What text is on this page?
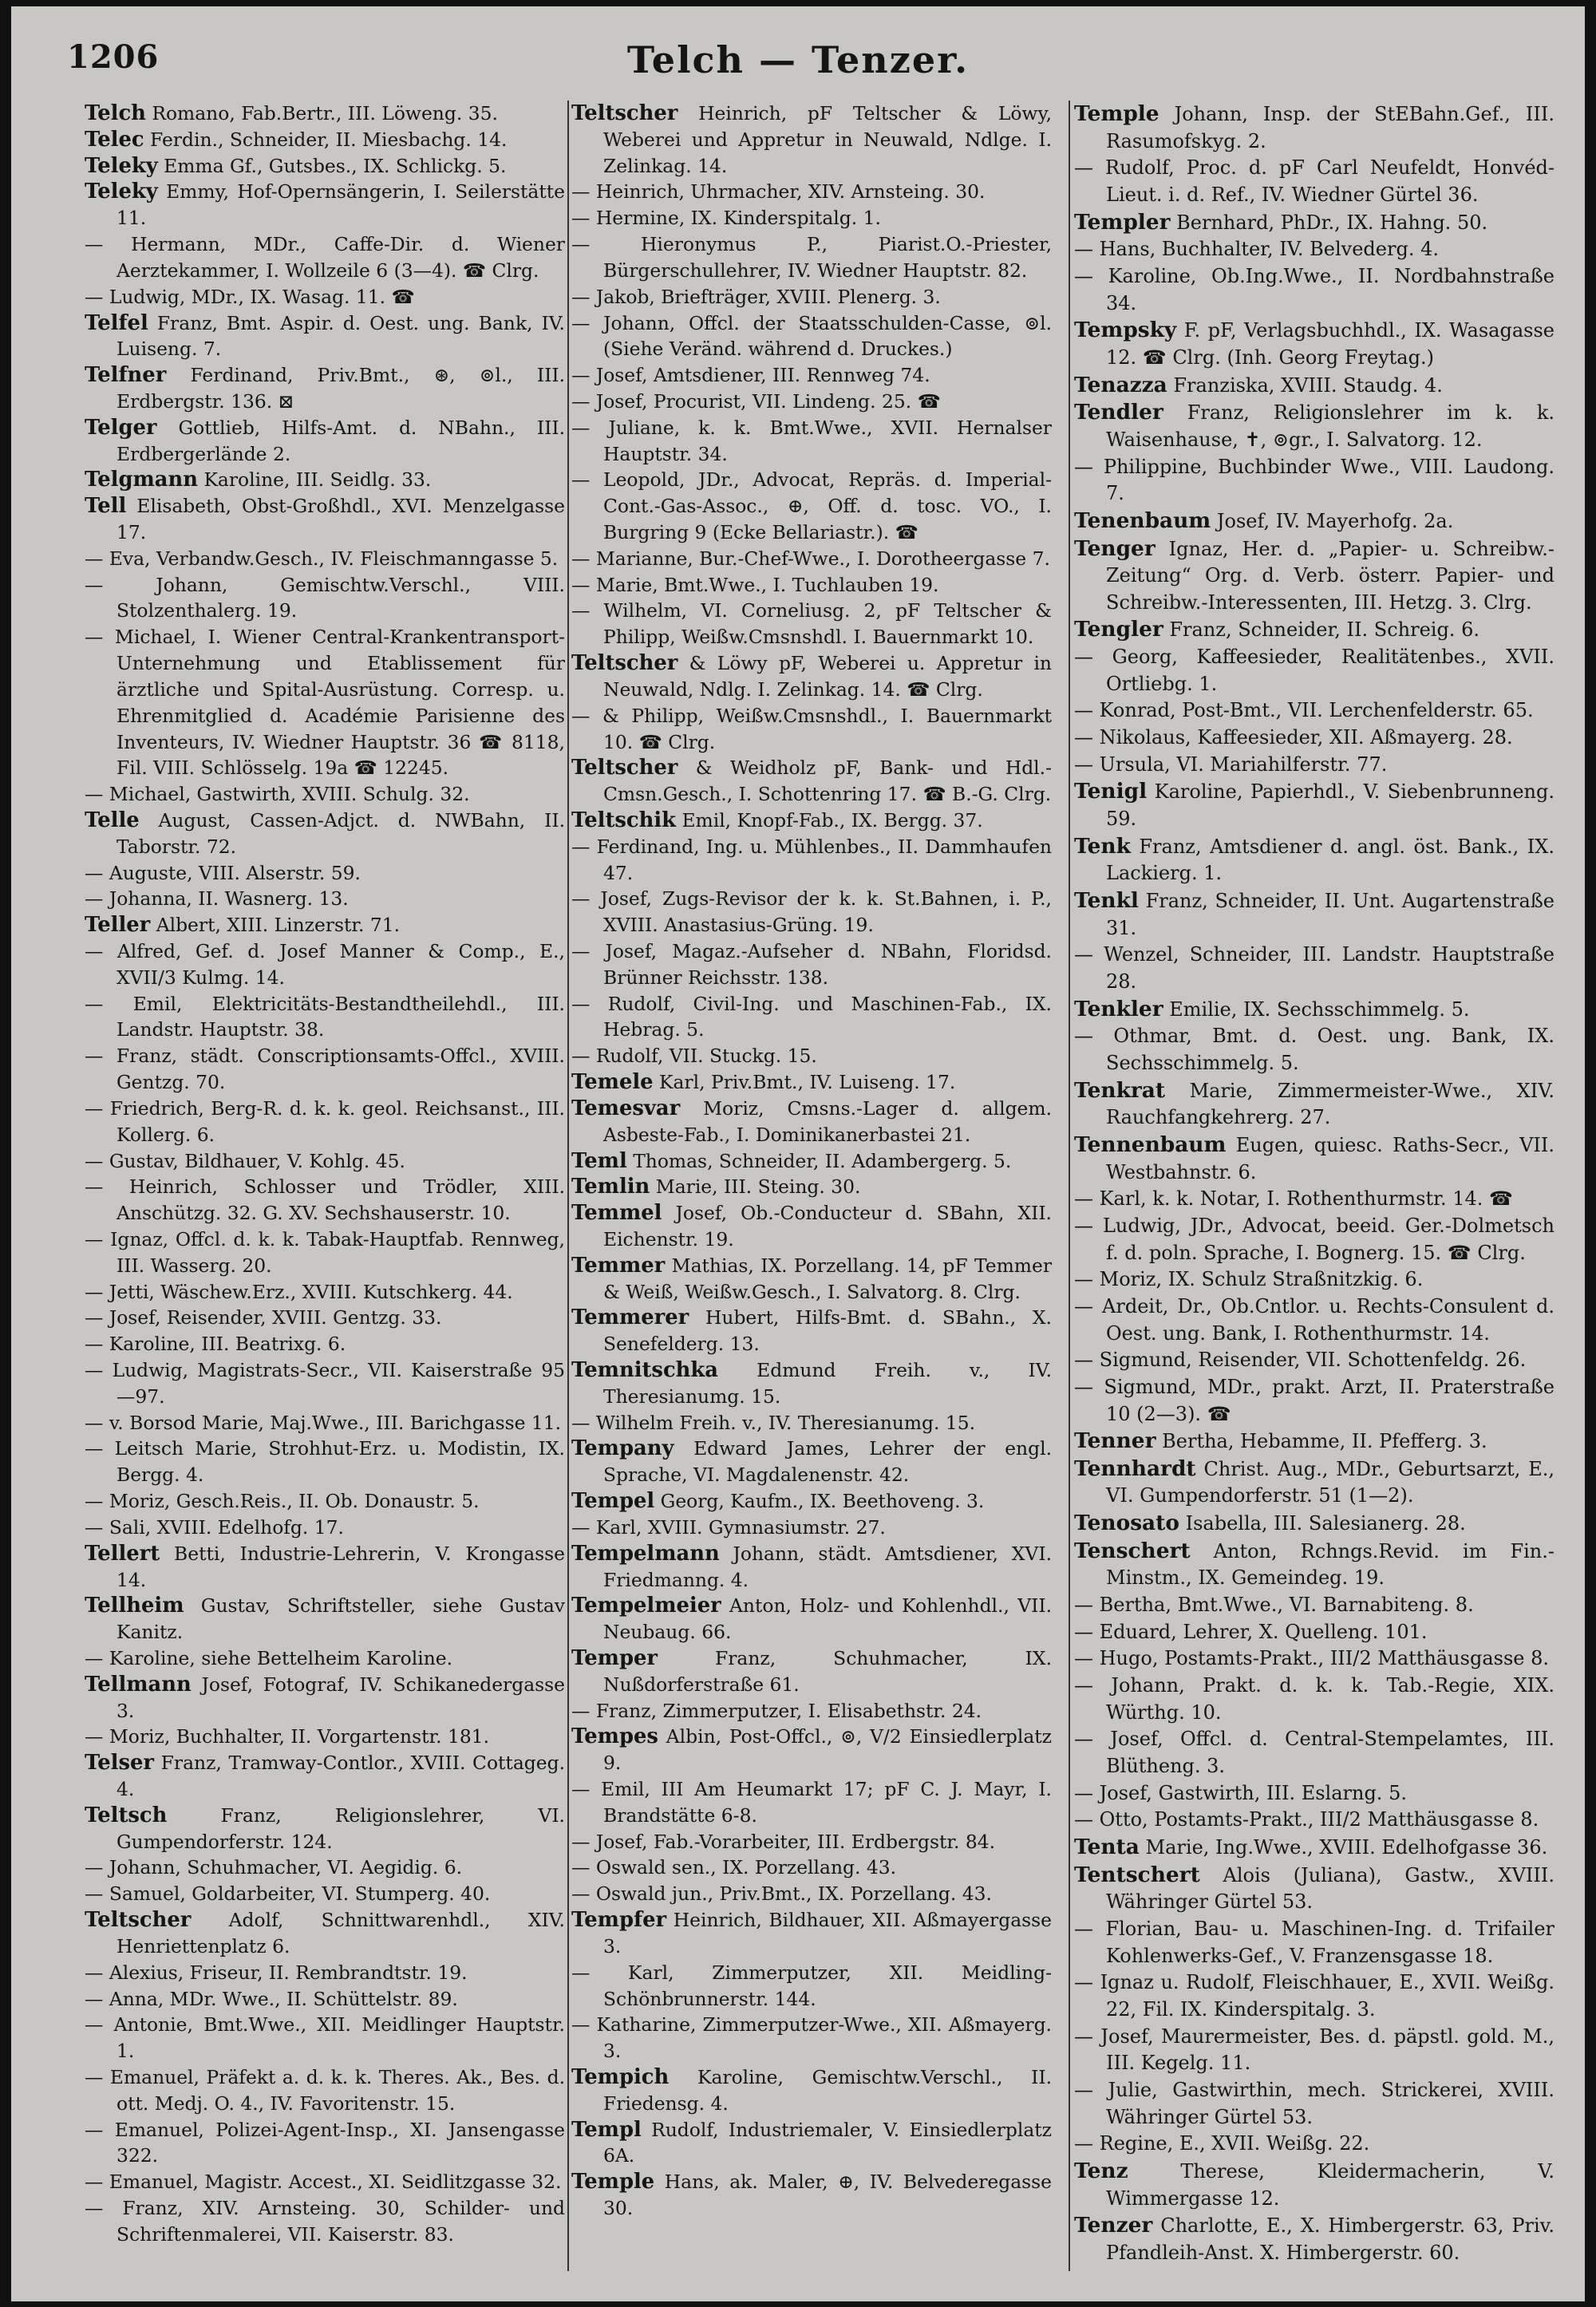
1206	Telch — Tenzer.

Telch Romano, Fab.Bertr., III. Löweng. 35.

Telec Ferdin., Schneider, II. Miesbachg. 14.

Teleky Emma Gf., Gutsbes., IX. Schlickg. 5.

Teleky Emmy, Hof-Opernsängerin, I. Seilerstätte 11.

— Hermann, MDr., Caffe-Dir. d. Wiener Aerztekammer, I. Wollzeile 6 (3—4). ☎ Clrg.

— Ludwig, MDr., IX. Wasag. 11. ☎

Telfel Franz, Bmt. Aspir. d. Oest. ung. Bank, IV. Luiseng. 7.

Telfner Ferdinand, Priv.Bmt., ⊛, ⊚l., III. Erdbergstr. 136. ⊠

Telger Gottlieb, Hilfs-Amt. d. NBahn., III. Erdbergerlände 2.

Telgmann Karoline, III. Seidlg. 33.

Tell Elisabeth, Obst-Großhdl., XVI. Menzelgasse 17.

— Eva, Verbandw.Gesch., IV. Fleischmanngasse 5.

— Johann, Gemischtw.Verschl., VIII. Stolzenthalerg. 19.

— Michael, I. Wiener Central-Krankentransport-Unternehmung und Etablissement für ärztliche und Spital-Ausrüstung. Corresp. u. Ehrenmitglied d. Académie Parisienne des Inventeurs, IV. Wiedner Hauptstr. 36 ☎ 8118, Fil. VIII. Schlösselg. 19a ☎ 12245.

— Michael, Gastwirth, XVIII. Schulg. 32.

Telle August, Cassen-Adjct. d. NWBahn, II. Taborstr. 72.

— Auguste, VIII. Alserstr. 59.

— Johanna, II. Wasnerg. 13.

Teller Albert, XIII. Linzerstr. 71.

— Alfred, Gef. d. Josef Manner & Comp., E., XVII/3 Kulmg. 14.

— Emil, Elektricitäts-Bestandtheilehdl., III. Landstr. Hauptstr. 38.

— Franz, städt. Conscriptionsamts-Offcl., XVIII. Gentzg. 70.

— Friedrich, Berg-R. d. k. k. geol. Reichsanst., III. Kollerg. 6.

— Gustav, Bildhauer, V. Kohlg. 45.

— Heinrich, Schlosser und Trödler, XIII. Anschützg. 32. G. XV. Sechshauserstr. 10.

— Ignaz, Offcl. d. k. k. Tabak-Hauptfab. Rennweg, III. Wasserg. 20.

— Jetti, Wäschew.Erz., XVIII. Kutschkerg. 44.

— Josef, Reisender, XVIII. Gentzg. 33.

— Karoline, III. Beatrixg. 6.

— Ludwig, Magistrats-Secr., VII. Kaiserstraße 95—97.

— v. Borsod Marie, Maj.Wwe., III. Barichgasse 11.

— Leitsch Marie, Strohhut-Erz. u. Modistin, IX. Bergg. 4.

— Moriz, Gesch.Reis., II. Ob. Donaustr. 5.

— Sali, XVIII. Edelhofg. 17.

Tellert Betti, Industrie-Lehrerin, V. Krongasse 14.

Tellheim Gustav, Schriftsteller, siehe Gustav Kanitz.

— Karoline, siehe Bettelheim Karoline.

Tellmann Josef, Fotograf, IV. Schikanedergasse 3.

— Moriz, Buchhalter, II. Vorgartenstr. 181.

Telser Franz, Tramway-Contlor., XVIII. Cottageg. 4.

Teltsch	Franz, Religionslehrer, VI. Gumpendorferstr. 124.

— Johann, Schuhmacher, VI. Aegidig. 6.

— Samuel, Goldarbeiter, VI. Stumperg. 40.

Teltscher Adolf, Schnittwarenhdl., XIV. Henriettenplatz 6.

— Alexius, Friseur, II. Rembrandtstr. 19.

— Anna, MDr. Wwe., II. Schüttelstr. 89.

— Antonie, Bmt.Wwe., XII. Meidlinger Hauptstr. 1.

— Emanuel, Präfekt a. d. k. k. Theres. Ak., Bes. d. ott. Medj. O. 4., IV. Favoritenstr. 15.

— Emanuel, Polizei-Agent-Insp., XI. Jansengasse 322.

— Emanuel, Magistr. Accest., XI. Seidlitzgasse 32.

— Franz, XIV. Arnsteing. 30, Schilder- und Schriftenmalerei, VII. Kaiserstr. 83.

Teltscher Heinrich, pF Teltscher & Löwy, Weberei und Appretur in Neuwald, Ndlge. I. Zelinkag. 14.

— Heinrich, Uhrmacher, XIV. Arnsteing. 30.

— Hermine, IX. Kinderspitalg. 1.

— Hieronymus P., Piarist.O.-Priester, Bürgerschullehrer, IV. Wiedner Hauptstr. 82.

— Jakob, Briefträger, XVIII. Plenerg. 3.

— Johann, Offcl. der Staatsschulden-Casse, ⊚l. (Siehe Veränd. während d. Druckes.)

— Josef, Amtsdiener, III. Rennweg 74.

— Josef, Procurist, VII. Lindeng. 25. ☎

— Juliane, k. k. Bmt.Wwe., XVII. Hernalser Hauptstr. 34.

— Leopold, JDr., Advocat, Repräs. d. Imperial-Cont.-Gas-Assoc., ⊕, Off. d. tosc. VO., I. Burgring 9 (Ecke Bellariastr.). ☎

— Marianne, Bur.-Chef-Wwe., I. Dorotheergasse 7.

— Marie, Bmt.Wwe., I. Tuchlauben 19.

— Wilhelm, VI. Corneliusg. 2, pF Teltscher & Philipp, Weißw.Cmsnshdl. I. Bauernmarkt 10.

Teltscher & Löwy pF, Weberei u. Appretur in Neuwald, Ndlg. I. Zelinkag. 14. ☎ Clrg.

— & Philipp, Weißw.Cmsnshdl., I. Bauernmarkt 10. ☎ Clrg.

Teltscher & Weidholz pF, Bank- und Hdl.-Cmsn.Gesch., I. Schottenring 17. ☎ B.-G. Clrg.

Teltschik Emil, Knopf-Fab., IX. Bergg. 37.

— Ferdinand, Ing. u. Mühlenbes., II. Dammhaufen 47.

— Josef, Zugs-Revisor der k. k. St.Bahnen, i. P., XVIII. Anastasius-Grüng. 19.

— Josef, Magaz.-Aufseher d. NBahn, Floridsd. Brünner Reichsstr. 138.

— Rudolf, Civil-Ing. und Maschinen-Fab., IX. Hebrag. 5.

— Rudolf, VII. Stuckg. 15.

Temele Karl, Priv.Bmt., IV. Luiseng. 17.

Temesvar Moriz, Cmsns.-Lager d. allgem. Asbeste-Fab., I. Dominikanerbastei 21.

Teml Thomas, Schneider, II. Adambergerg. 5.

Temlin Marie, III. Steing. 30.

Temmel Josef, Ob.-Conducteur d. SBahn, XII. Eichenstr. 19.

Temmer Mathias, IX. Porzellang. 14, pF Temmer & Weiß, Weißw.Gesch., I. Salvatorg. 8. Clrg.

Temmerer Hubert, Hilfs-Bmt. d. SBahn., X. Senefelderg. 13.

Temnitschka Edmund Freih. v., IV. Theresianumg. 15.

— Wilhelm Freih. v., IV. Theresianumg. 15.

Tempany Edward James, Lehrer der engl. Sprache, VI. Magdalenenstr. 42.

Tempel Georg, Kaufm., IX. Beethoveng. 3.

— Karl, XVIII. Gymnasiumstr. 27.

Tempelmann Johann, städt. Amtsdiener, XVI. Friedmanng. 4.

Tempelmeier Anton, Holz- und Kohlenhdl., VII. Neubaug. 66.

Temper	Franz, Schuhmacher, IX. Nußdorferstraße 61.

— Franz, Zimmerputzer, I. Elisabethstr. 24.

Tempes Albin, Post-Offcl., ⊚, V/2 Einsiedlerplatz 9.

— Emil, III Am Heumarkt 17; pF C. J. Mayr, I. Brandstätte 6-8.

— Josef, Fab.-Vorarbeiter, III. Erdbergstr. 84.

— Oswald sen., IX. Porzellang. 43.

— Oswald jun., Priv.Bmt., IX. Porzellang. 43.

Tempfer Heinrich, Bildhauer, XII. Aßmayergasse 3.

— Karl, Zimmerputzer, XII. Meidling-Schönbrunnerstr. 144.

— Katharine, Zimmerputzer-Wwe., XII. Aßmayerg. 3.

Tempich Karoline, Gemischtw.Verschl., II. Friedensg. 4.

Templ Rudolf, Industriemaler, V. Einsiedlerplatz 6A.

Temple Hans, ak. Maler, ⊕, IV. Belvederegasse 30.

Temple Johann, Insp. der StEBahn.Gef., III. Rasumofskyg. 2.

— Rudolf, Proc. d. pF Carl Neufeldt, Honvéd-Lieut. i. d. Ref., IV. Wiedner Gürtel 36.

Templer Bernhard, PhDr., IX. Hahng. 50.

— Hans, Buchhalter, IV. Belvederg. 4.

— Karoline, Ob.Ing.Wwe., II. Nordbahnstraße 34.

Tempsky F. pF, Verlagsbuchhdl., IX. Wasagasse 12. ☎ Clrg. (Inh. Georg Freytag.)

Tenazza Franziska, XVIII. Staudg. 4.

Tendler Franz, Religionslehrer im k. k. Waisenhause, ✝, ⊚gr., I. Salvatorg. 12.

— Philippine, Buchbinder Wwe., VIII. Laudong. 7.

Tenenbaum Josef, IV. Mayerhofg. 2a.

Tenger Ignaz, Her. d. „Papier- u. Schreibw.-Zeitung“ Org. d. Verb. österr. Papier- und Schreibw.-Interessenten, III. Hetzg. 3. Clrg.

Tengler Franz, Schneider, II. Schreig. 6.

— Georg, Kaffeesieder, Realitätenbes., XVII. Ortliebg. 1.

— Konrad, Post-Bmt., VII. Lerchenfelderstr. 65.

— Nikolaus, Kaffeesieder, XII. Aßmayerg. 28.

— Ursula, VI. Mariahilferstr. 77.

Tenigl Karoline, Papierhdl., V. Siebenbrunneng. 59.

Tenk Franz, Amtsdiener d. angl. öst. Bank., IX. Lackierg. 1.

Tenkl Franz, Schneider, II. Unt. Augartenstraße 31.

— Wenzel, Schneider, III. Landstr. Hauptstraße 28.

Tenkler Emilie, IX. Sechsschimmelg. 5.

— Othmar, Bmt. d. Oest. ung. Bank, IX. Sechsschimmelg. 5.

Tenkrat Marie, Zimmermeister-Wwe., XIV. Rauchfangkehrerg. 27.

Tennenbaum Eugen, quiesc. Raths-Secr., VII. Westbahnstr. 6.

— Karl, k. k. Notar, I. Rothenthurmstr. 14. ☎

— Ludwig, JDr., Advocat, beeid. Ger.-Dolmetsch f. d. poln. Sprache, I. Bognerg. 15. ☎ Clrg.

— Moriz, IX. Schulz Straßnitzkig. 6.

— Ardeit, Dr., Ob.Cntlor. u. Rechts-Consulent d. Oest. ung. Bank, I. Rothenthurmstr. 14.

— Sigmund, Reisender, VII. Schottenfeldg. 26.

— Sigmund, MDr., prakt. Arzt, II. Praterstraße 10 (2—3). ☎

Tenner Bertha, Hebamme, II. Pfefferg. 3.

Tennhardt Christ. Aug., MDr., Geburtsarzt, E., VI. Gumpendorferstr. 51 (1—2).

Tenosato Isabella, III. Salesianerg. 28.

Tenschert Anton, Rchngs.Revid. im Fin.-Minstm., IX. Gemeindeg. 19.

— Bertha, Bmt.Wwe., VI. Barnabiteng. 8.

— Eduard, Lehrer, X. Quelleng. 101.

— Hugo, Postamts-Prakt., III/2 Matthäusgasse 8.

— Johann, Prakt. d. k. k. Tab.-Regie, XIX. Würthg. 10.

— Josef, Offcl. d. Central-Stempelamtes, III. Blütheng. 3.

— Josef, Gastwirth, III. Eslarng. 5.

— Otto, Postamts-Prakt., III/2 Matthäusgasse 8.

Tenta Marie, Ing.Wwe., XVIII. Edelhofgasse 36.

Tentschert Alois (Juliana), Gastw., XVIII. Währinger Gürtel 53.

— Florian, Bau- u. Maschinen-Ing. d. Trifailer Kohlenwerks-Gef., V. Franzensgasse 18.

— Ignaz u. Rudolf, Fleischhauer, E., XVII. Weißg. 22, Fil. IX. Kinderspitalg. 3.

— Josef, Maurermeister, Bes. d. päpstl. gold. M., III. Kegelg. 11.

— Julie, Gastwirthin, mech. Strickerei, XVIII. Währinger Gürtel 53.

— Regine, E., XVII. Weißg. 22.

Tenz	Therese, Kleidermacherin, V. Wimmergasse 12.

Tenzer Charlotte, E., X. Himbergerstr. 63, Priv. Pfandleih-Anst. X. Himbergerstr. 60.
